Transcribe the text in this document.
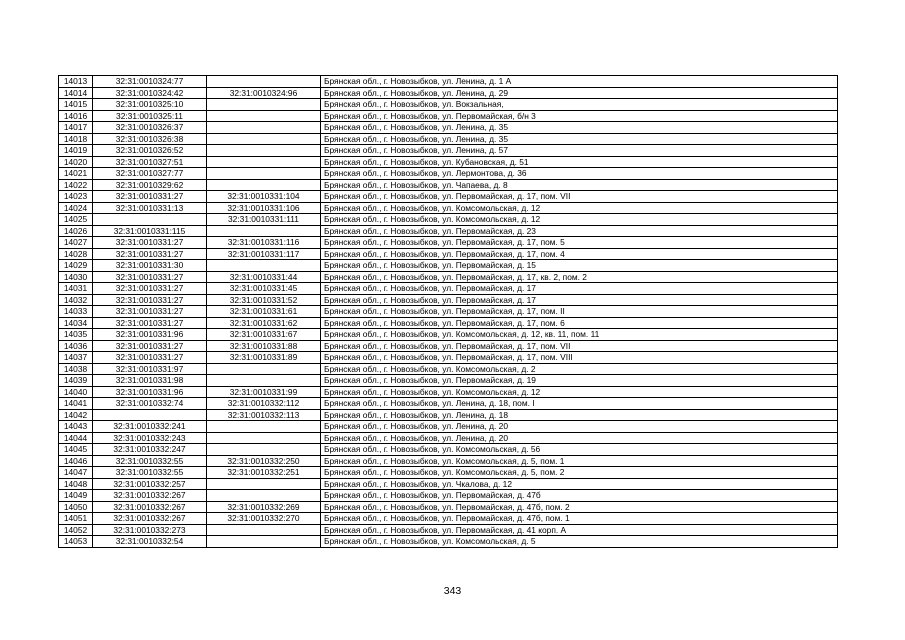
14013	32:31:0010324:77		Брянская обл., г. Новозыбков, ул. Ленина, д. 1 А
14014	32:31:0010324:42	32:31:0010324:96	Брянская обл., г. Новозыбков, ул. Ленина, д. 29
14015	32:31:0010325:10		Брянская обл., г. Новозыбков, ул. Вокзальная,
14016	32:31:0010325:11		Брянская обл., г. Новозыбков, ул. Первомайская, б/н 3
14017	32:31:0010326:37		Брянская обл., г. Новозыбков, ул. Ленина, д. 35
14018	32:31:0010326:38		Брянская обл., г. Новозыбков, ул. Ленина, д. 35
14019	32:31:0010326:52		Брянская обл., г. Новозыбков, ул. Ленина, д. 57
14020	32:31:0010327:51		Брянская обл., г. Новозыбков, ул. Кубановская, д. 51
14021	32:31:0010327:77		Брянская обл., г. Новозыбков, ул. Лермонтова, д. 36
14022	32:31:0010329:62		Брянская обл., г. Новозыбков, ул. Чапаева, д. 8
14023	32:31:0010331:27	32:31:0010331:104	Брянская обл., г. Новозыбков, ул. Первомайская, д. 17, пом. VII
14024	32:31:0010331:13	32:31:0010331:106	Брянская обл., г. Новозыбков, ул. Комсомольская, д. 12
14025		32:31:0010331:111	Брянская обл., г. Новозыбков, ул. Комсомольская, д. 12
14026	32:31:0010331:115		Брянская обл., г. Новозыбков, ул. Первомайская, д. 23
14027	32:31:0010331:27	32:31:0010331:116	Брянская обл., г. Новозыбков, ул. Первомайская, д. 17, пом. 5
14028	32:31:0010331:27	32:31:0010331:117	Брянская обл., г. Новозыбков, ул. Первомайская, д. 17, пом. 4
14029	32:31:0010331:30		Брянская обл., г. Новозыбков, ул. Первомайская, д. 15
14030	32:31:0010331:27	32:31:0010331:44	Брянская обл., г. Новозыбков, ул. Первомайская, д. 17, кв. 2, пом. 2
14031	32:31:0010331:27	32:31:0010331:45	Брянская обл., г. Новозыбков, ул. Первомайская, д. 17
14032	32:31:0010331:27	32:31:0010331:52	Брянская обл., г. Новозыбков, ул. Первомайская, д. 17
14033	32:31:0010331:27	32:31:0010331:61	Брянская обл., г. Новозыбков, ул. Первомайская, д. 17, пом. II
14034	32:31:0010331:27	32:31:0010331:62	Брянская обл., г. Новозыбков, ул. Первомайская, д. 17, пом. 6
14035	32:31:0010331:96	32:31:0010331:67	Брянская обл., г. Новозыбков, ул. Комсомольская, д. 12, кв. 11, пом. 11
14036	32:31:0010331:27	32:31:0010331:88	Брянская обл., г. Новозыбков, ул. Первомайская, д. 17, пом. VII
14037	32:31:0010331:27	32:31:0010331:89	Брянская обл., г. Новозыбков, ул. Первомайская, д. 17, пом. VIII
14038	32:31:0010331:97		Брянская обл., г. Новозыбков, ул. Комсомольская, д. 2
14039	32:31:0010331:98		Брянская обл., г. Новозыбков, ул. Первомайская, д. 19
14040	32:31:0010331:96	32:31:0010331:99	Брянская обл., г. Новозыбков, ул. Комсомольская, д. 12
14041	32:31:0010332:74	32:31:0010332:112	Брянская обл., г. Новозыбков, ул. Ленина, д. 18, пом. I
14042		32:31:0010332:113	Брянская обл., г. Новозыбков, ул. Ленина, д. 18
14043	32:31:0010332:241		Брянская обл., г. Новозыбков, ул. Ленина, д. 20
14044	32:31:0010332:243		Брянская обл., г. Новозыбков, ул. Ленина, д. 20
14045	32:31:0010332:247		Брянская обл., г. Новозыбков, ул. Комсомольская, д. 56
14046	32:31:0010332:55	32:31:0010332:250	Брянская обл., г. Новозыбков, ул. Комсомольская, д. 5, пом. 1
14047	32:31:0010332:55	32:31:0010332:251	Брянская обл., г. Новозыбков, ул. Комсомольская, д. 5, пом. 2
14048	32:31:0010332:257		Брянская обл., г. Новозыбков, ул. Чкалова, д. 12
14049	32:31:0010332:267		Брянская обл., г. Новозыбков, ул. Первомайская, д. 47б
14050	32:31:0010332:267	32:31:0010332:269	Брянская обл., г. Новозыбков, ул. Первомайская, д. 47б, пом. 2
14051	32:31:0010332:267	32:31:0010332:270	Брянская обл., г. Новозыбков, ул. Первомайская, д. 47б, пом. 1
14052	32:31:0010332:273		Брянская обл., г. Новозыбков, ул. Первомайская, д. 41 корп. А
14053	32:31:0010332:54		Брянская обл., г. Новозыбков, ул. Комсомольская, д. 5
343
